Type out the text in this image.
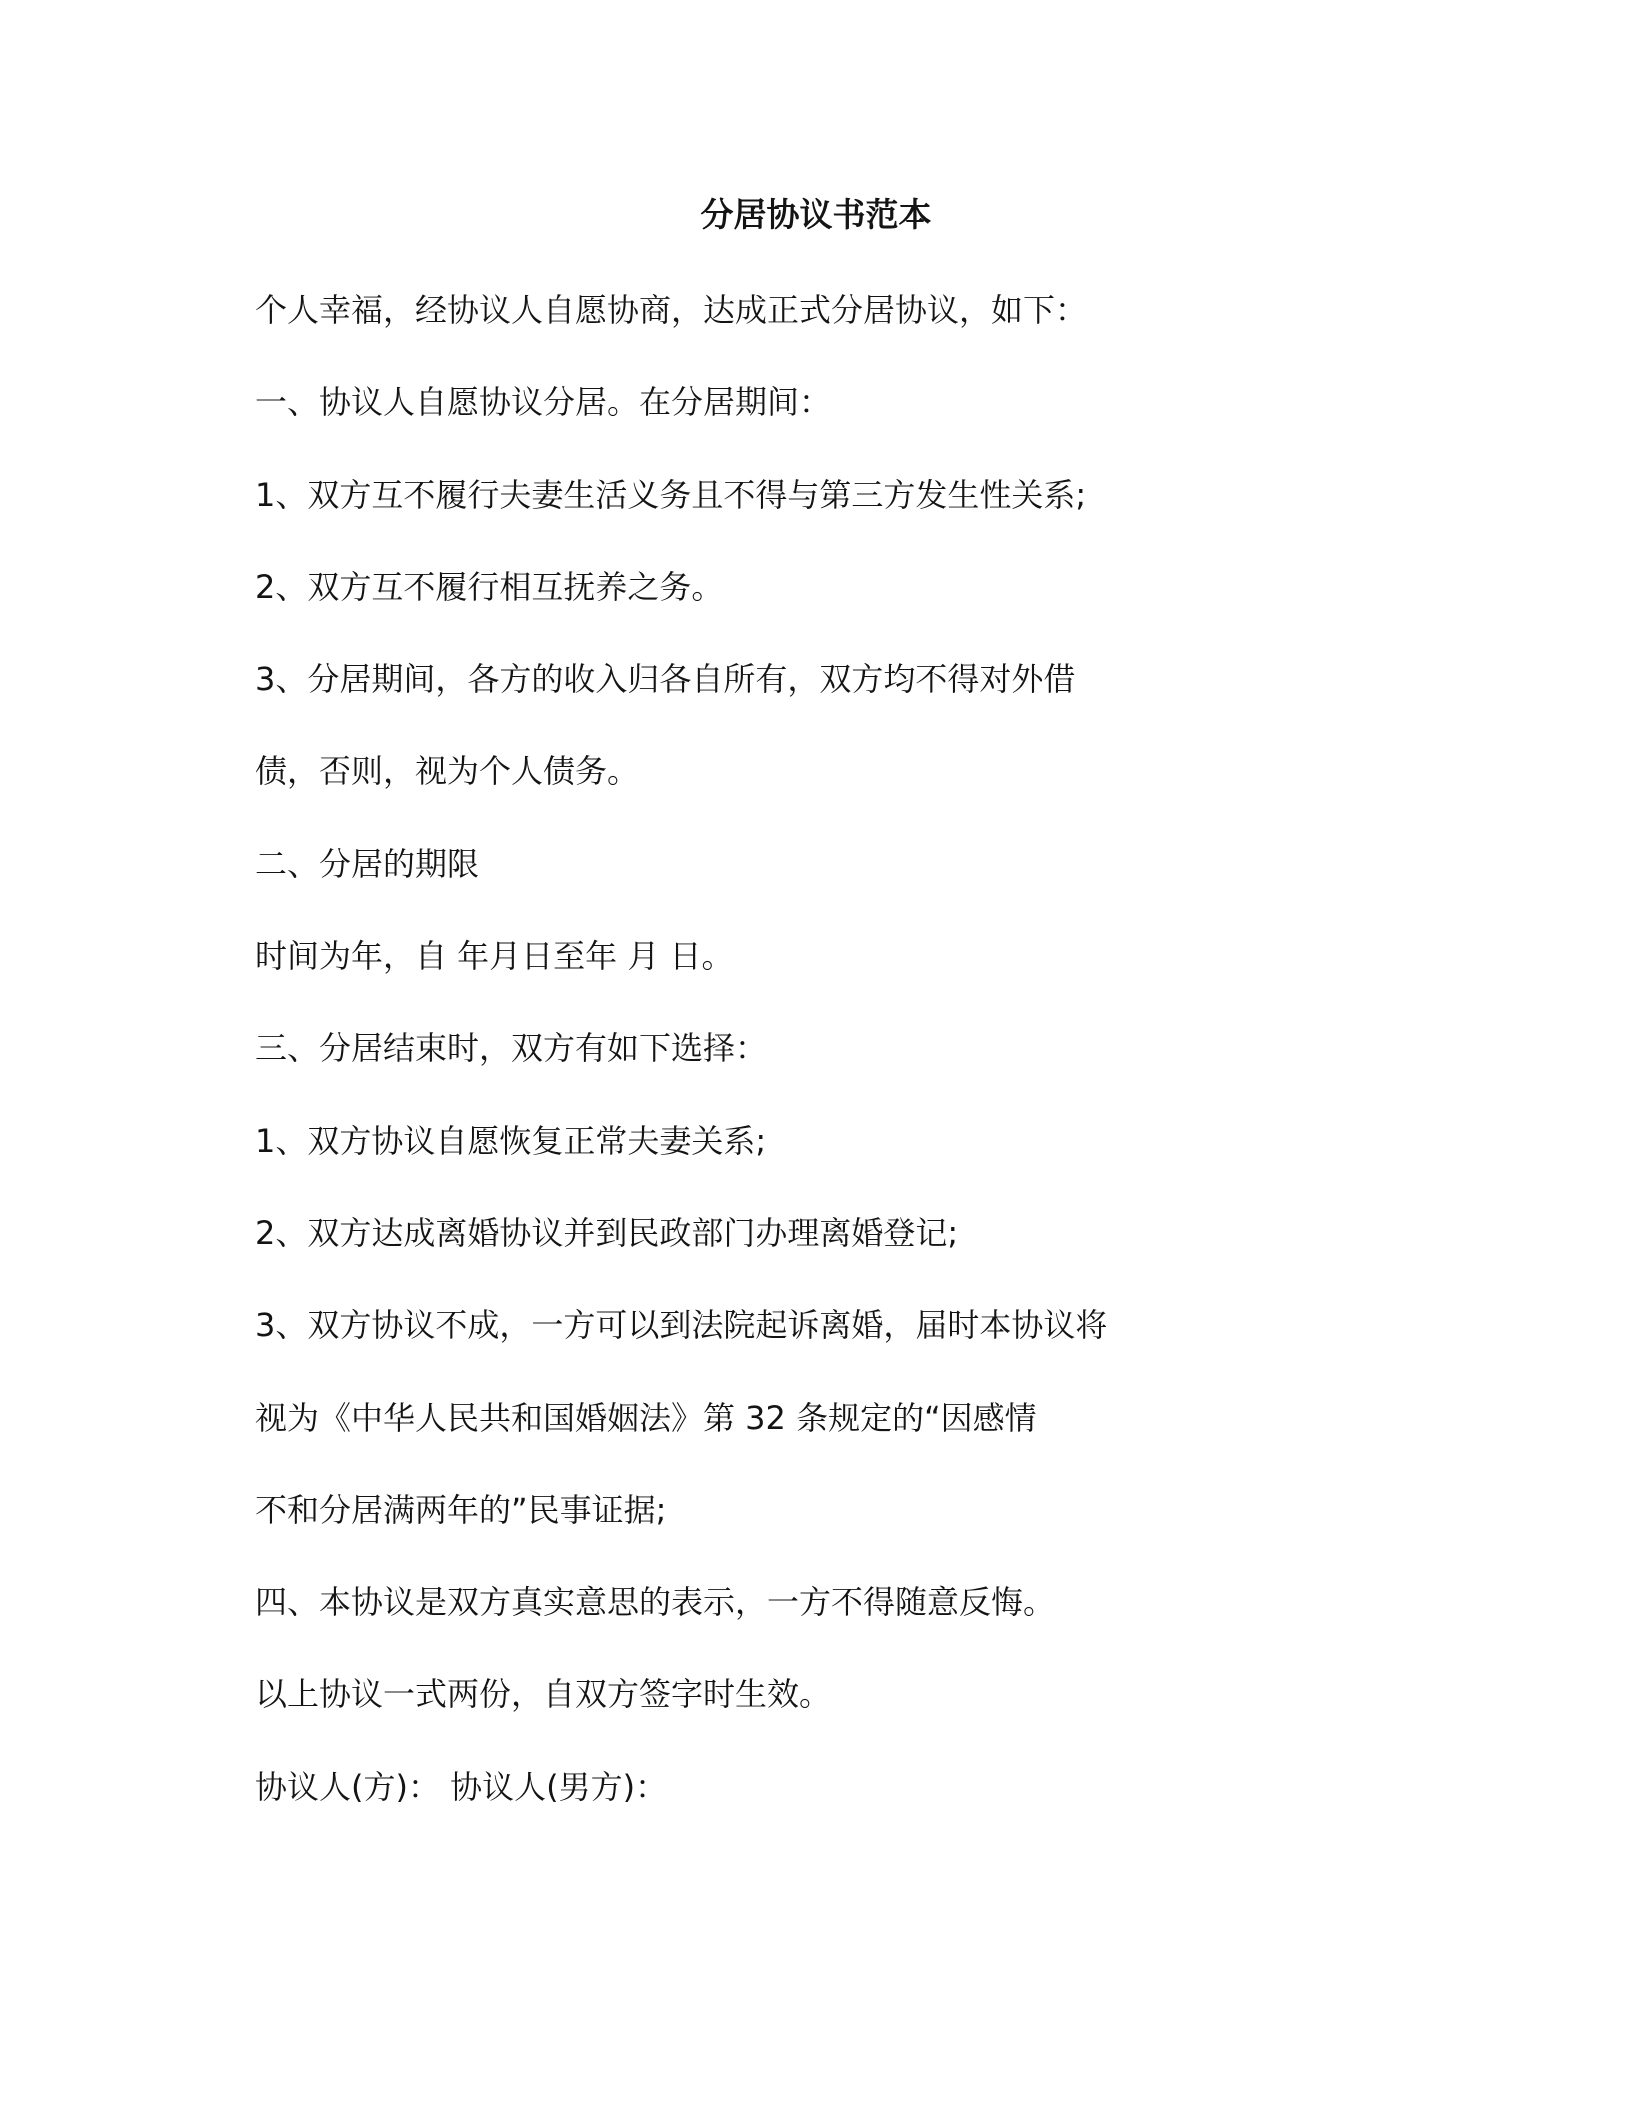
分居协议书范本
个人幸福，经协议人自愿协商，达成正式分居协议，如下：
一、协议人自愿协议分居。在分居期间：
1、双方互不履行夫妻生活义务且不得与第三方发生性关系;
2、双方互不履行相互抚养之务。
3、分居期间，各方的收入归各自所有，双方均不得对外借
债，否则，视为个人债务。
二、分居的期限
时间为年，自 年月日至年 月 日。
三、分居结束时，双方有如下选择：
1、双方协议自愿恢复正常夫妻关系;
2、双方达成离婚协议并到民政部门办理离婚登记;
3、双方协议不成，一方可以到法院起诉离婚，届时本协议将
视为《中华人民共和国婚姻法》第 32 条规定的“因感情
不和分居满两年的”民事证据;
四、本协议是双方真实意思的表示，一方不得随意反悔。
以上协议一式两份，自双方签字时生效。
协议人(方)： 协议人(男方)：
